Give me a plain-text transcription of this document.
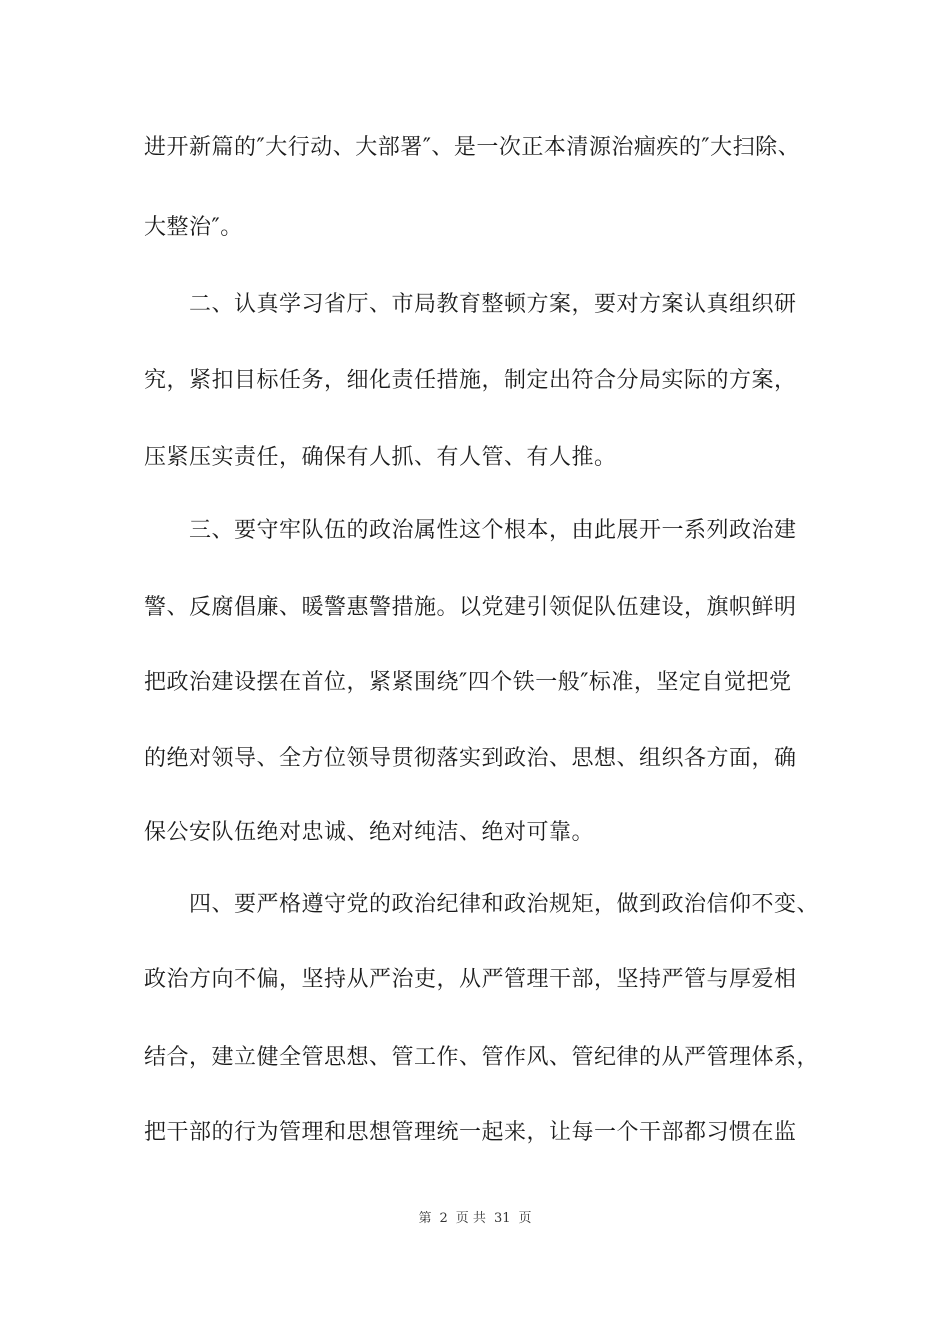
进开新篇的″大行动、大部署″、是一次正本清源治痼疾的″大扫除、
大整治″。
　　二、认真学习省厅、市局教育整顿方案，要对方案认真组织研
究，紧扣目标任务，细化责任措施，制定出符合分局实际的方案，
压紧压实责任，确保有人抓、有人管、有人推。
　　三、要守牢队伍的政治属性这个根本，由此展开一系列政治建
警、反腐倡廉、暖警惠警措施。以党建引领促队伍建设，旗帜鲜明
把政治建设摆在首位，紧紧围绕″四个铁一般″标准，坚定自觉把党
的绝对领导、全方位领导贯彻落实到政治、思想、组织各方面，确
保公安队伍绝对忠诚、绝对纯洁、绝对可靠。
　　四、要严格遵守党的政治纪律和政治规矩，做到政治信仰不变、
政治方向不偏，坚持从严治吏，从严管理干部，坚持严管与厚爱相
结合，建立健全管思想、管工作、管作风、管纪律的从严管理体系，
把干部的行为管理和思想管理统一起来，让每一个干部都习惯在监
第 2 页 共 31 页
